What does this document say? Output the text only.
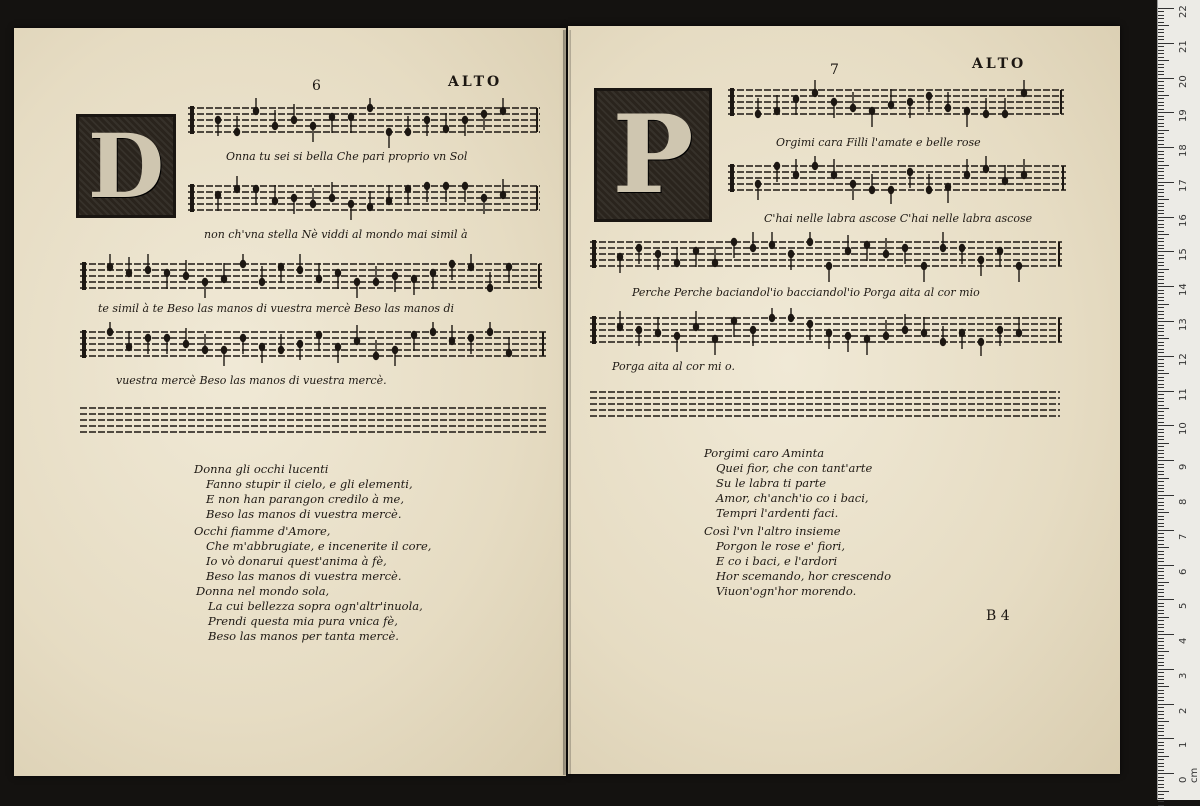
6	ALTO
D	Onna tu sei si bella Che pari proprio vn Sol
non ch'vna stella Nè viddi al mondo mai simil à
te simil à te Beso las manos di vuestra mercè Beso las manos di
vuestra mercè Beso las manos di vuestra mercè.
Donna gli occhi lucenti
Fanno stupir il cielo, e gli elementi,
E non han parangon credilo à me,
Beso las manos di vuestra mercè.
Occhi fiamme d'Amore,
Che m'abbrugiate, e incenerite il core,
Io vò donarui quest'anima à fè,
Beso las manos di vuestra mercè.
Donna nel mondo sola,
La cui bellezza sopra ogn'altr'inuola,
Prendi questa mia pura vnica fè,
Beso las manos per tanta mercè.
7	ALTO
P	Orgimi cara Filli l'amate e belle rose
C'hai nelle labra ascose C'hai nelle labra ascose
Perche Perche baciandol'io bacciandol'io Porga aita al cor mio
Porga aita al cor mi o.
Porgimi caro Aminta
Quei fior, che con tant'arte
Su le labra ti parte
Amor, ch'anch'io co i baci,
Tempri l'ardenti faci.
Così l'vn l'altro insieme
Porgon le rose e' fiori,
E co i baci, e l'ardori
Hor scemando, hor crescendo
Viuon'ogn'hor morendo.
B 4
22
21
20
19
18
17
16
15
14
13
12
11
10
9
8
7
6
5
4
3
2
1
0 cm
